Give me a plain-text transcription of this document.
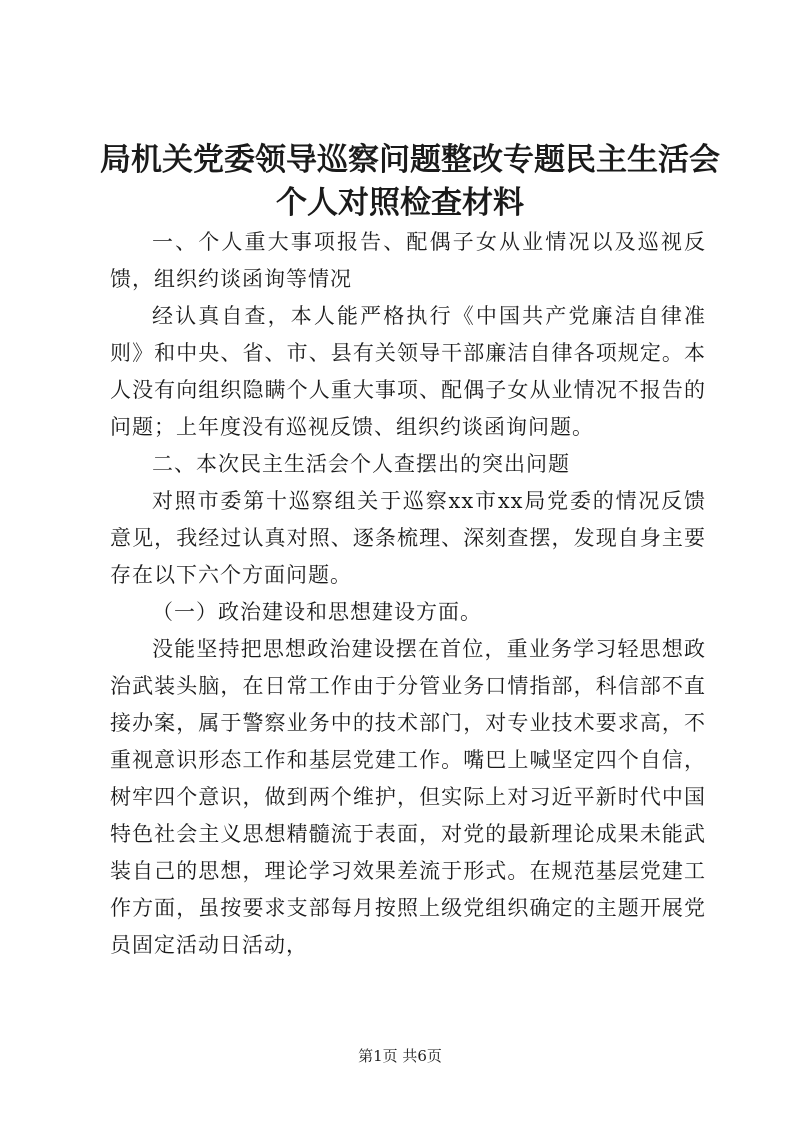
局机关党委领导巡察问题整改专题民主生活会
个人对照检查材料

一、个人重大事项报告、配偶子女从业情况以及巡视反馈，组织约谈函询等情况

经认真自查，本人能严格执行《中国共产党廉洁自律准则》和中央、省、市、县有关领导干部廉洁自律各项规定。本人没有向组织隐瞒个人重大事项、配偶子女从业情况不报告的问题；上年度没有巡视反馈、组织约谈函询问题。

二、本次民主生活会个人查摆出的突出问题

对照市委第十巡察组关于巡察xx市xx局党委的情况反馈意见，我经过认真对照、逐条梳理、深刻查摆，发现自身主要存在以下六个方面问题。

（一）政治建设和思想建设方面。

没能坚持把思想政治建设摆在首位，重业务学习轻思想政治武装头脑，在日常工作由于分管业务口情指部，科信部不直接办案，属于警察业务中的技术部门，对专业技术要求高，不重视意识形态工作和基层党建工作。嘴巴上喊坚定四个自信，树牢四个意识，做到两个维护，但实际上对习近平新时代中国特色社会主义思想精髓流于表面，对党的最新理论成果未能武装自己的思想，理论学习效果差流于形式。在规范基层党建工作方面，虽按要求支部每月按照上级党组织确定的主题开展党员固定活动日活动，

第1页 共6页
